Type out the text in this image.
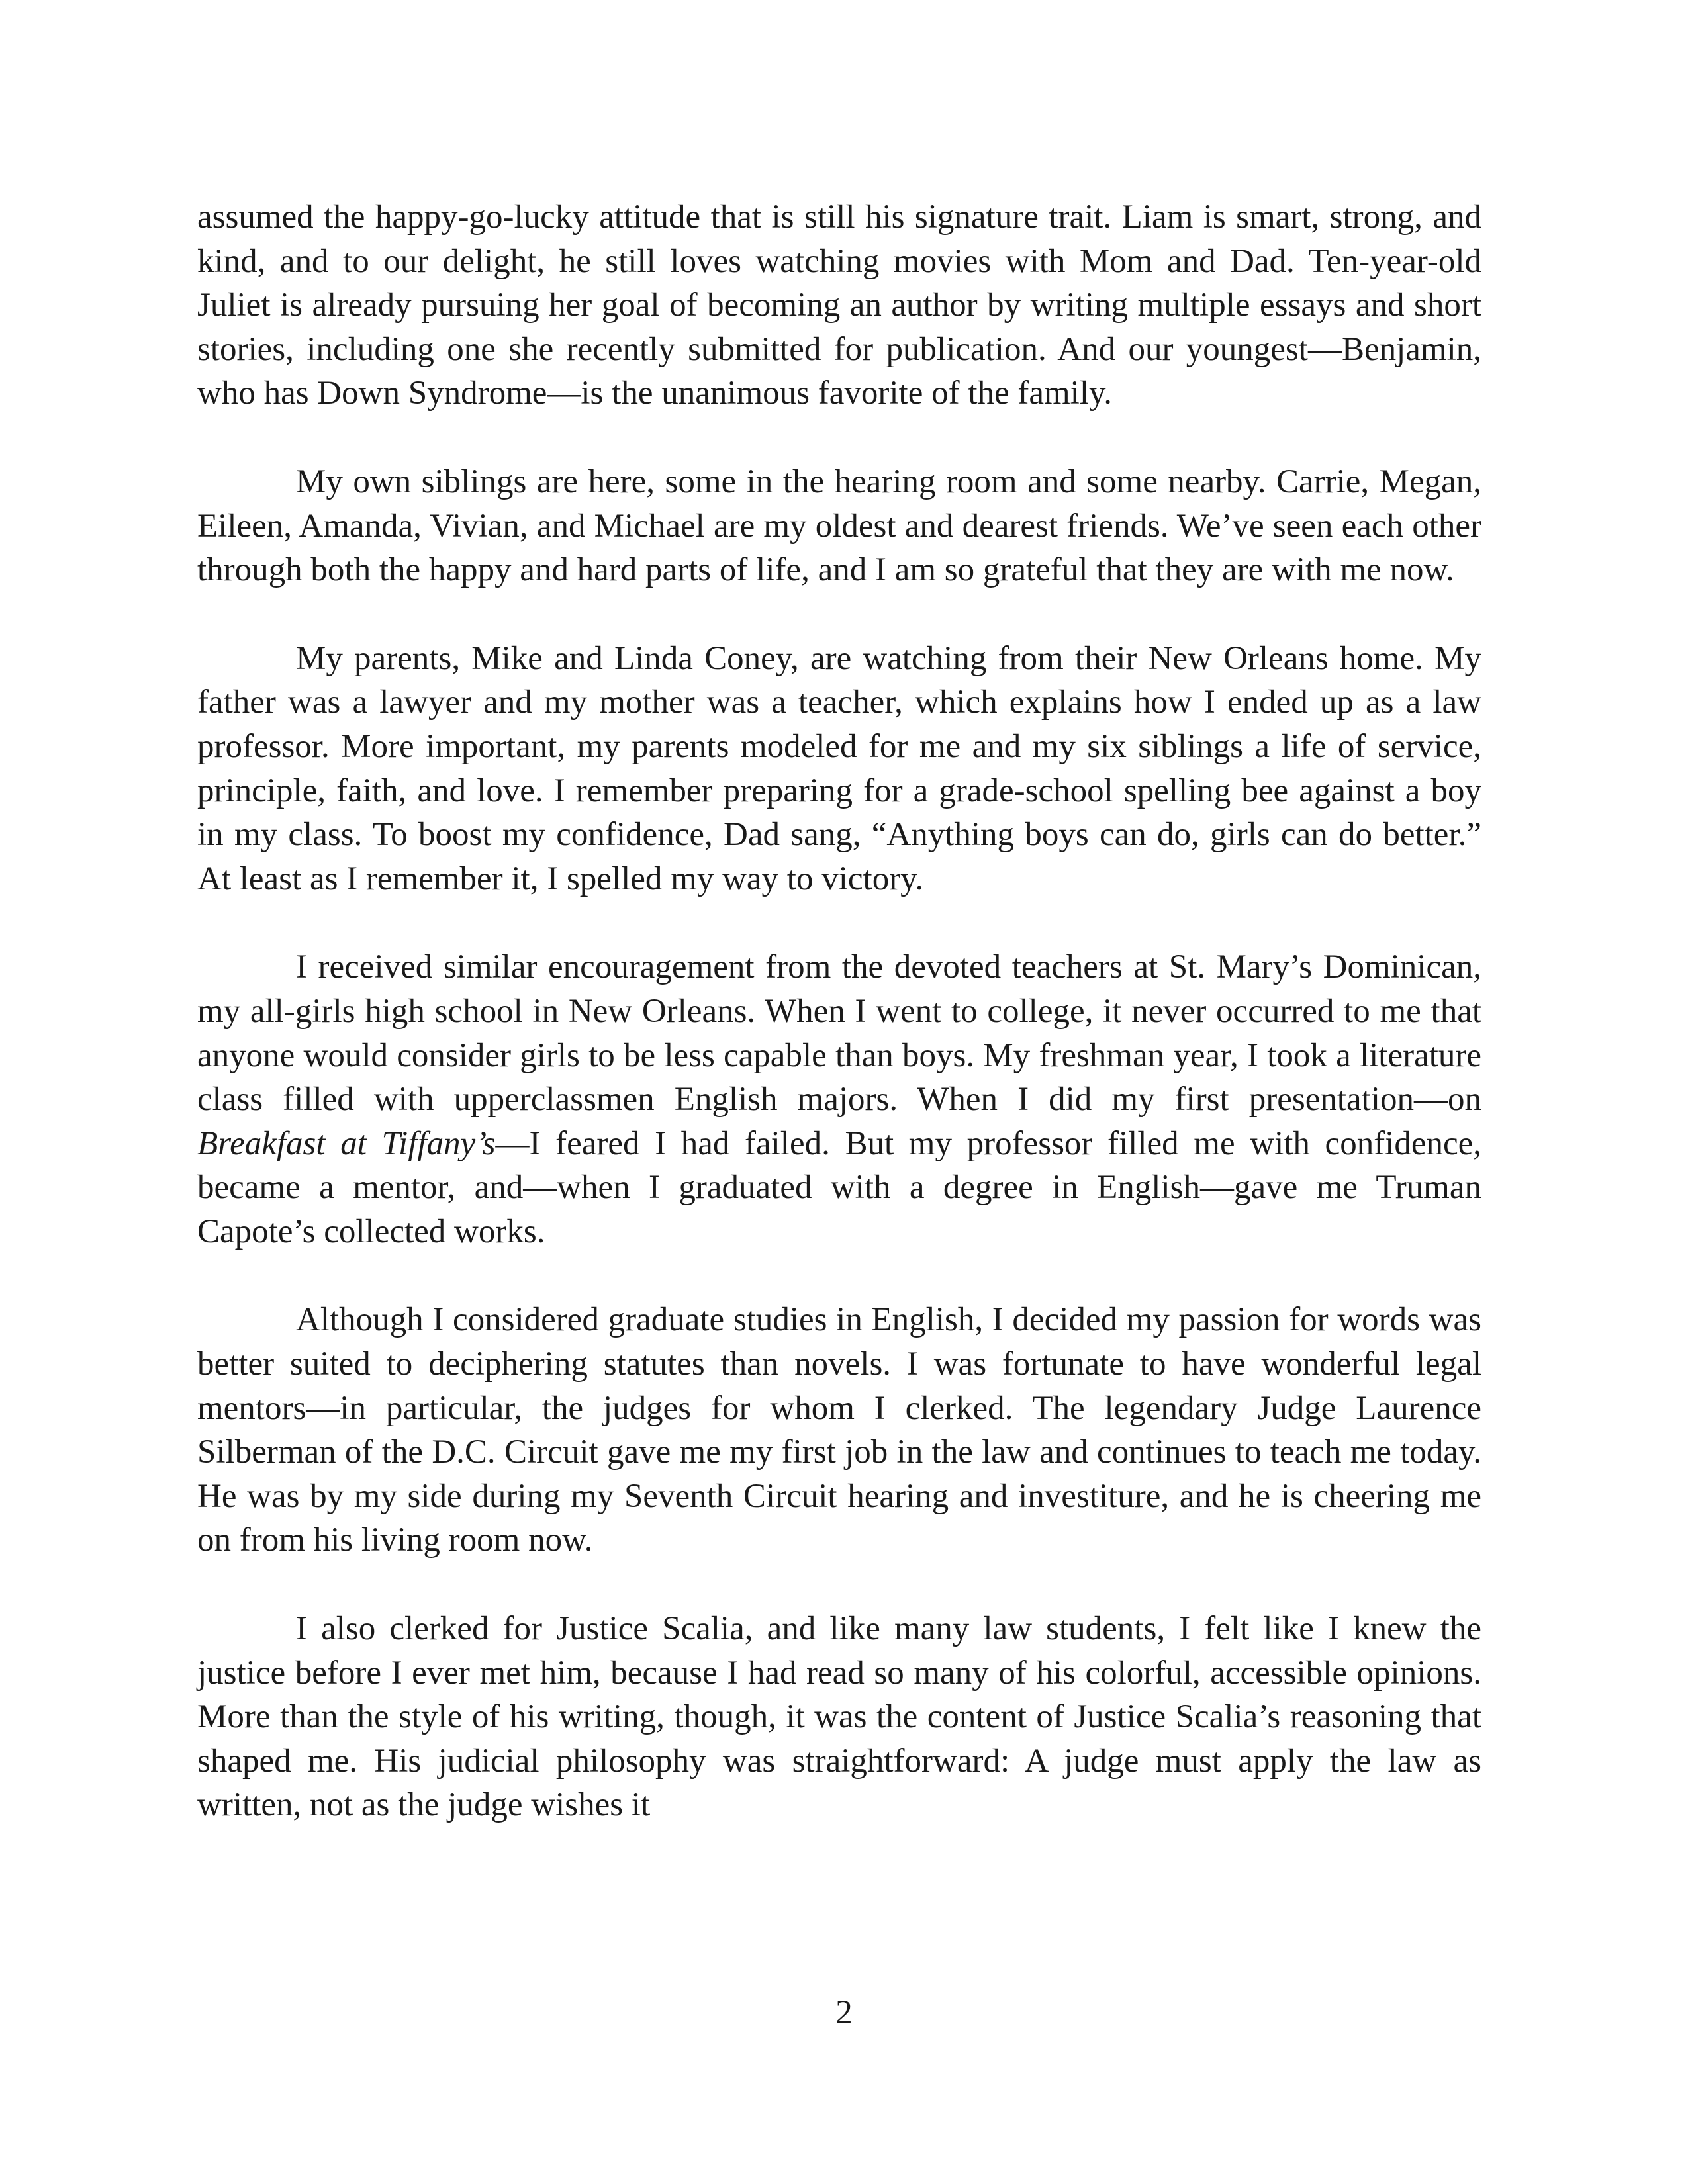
assumed the happy-go-lucky attitude that is still his signature trait. Liam is smart, strong, and kind, and to our delight, he still loves watching movies with Mom and Dad. Ten-year-old Juliet is already pursuing her goal of becoming an author by writing multiple essays and short stories, including one she recently submitted for publication. And our youngest—Benjamin, who has Down Syndrome—is the unanimous favorite of the family.

My own siblings are here, some in the hearing room and some nearby. Carrie, Megan, Eileen, Amanda, Vivian, and Michael are my oldest and dearest friends. We’ve seen each other through both the happy and hard parts of life, and I am so grateful that they are with me now.

My parents, Mike and Linda Coney, are watching from their New Orleans home. My father was a lawyer and my mother was a teacher, which explains how I ended up as a law professor. More important, my parents modeled for me and my six siblings a life of service, principle, faith, and love. I remember preparing for a grade-school spelling bee against a boy in my class. To boost my confidence, Dad sang, “Anything boys can do, girls can do better.” At least as I remember it, I spelled my way to victory.

I received similar encouragement from the devoted teachers at St. Mary’s Dominican, my all-girls high school in New Orleans. When I went to college, it never occurred to me that anyone would consider girls to be less capable than boys. My freshman year, I took a literature class filled with upperclassmen English majors. When I did my first presentation—on Breakfast at Tiffany’s—I feared I had failed. But my professor filled me with confidence, became a mentor, and—when I graduated with a degree in English—gave me Truman Capote’s collected works.

Although I considered graduate studies in English, I decided my passion for words was better suited to deciphering statutes than novels. I was fortunate to have wonderful legal mentors—in particular, the judges for whom I clerked. The legendary Judge Laurence Silberman of the D.C. Circuit gave me my first job in the law and continues to teach me today. He was by my side during my Seventh Circuit hearing and investiture, and he is cheering me on from his living room now.

I also clerked for Justice Scalia, and like many law students, I felt like I knew the justice before I ever met him, because I had read so many of his colorful, accessible opinions. More than the style of his writing, though, it was the content of Justice Scalia’s reasoning that shaped me. His judicial philosophy was straightforward: A judge must apply the law as written, not as the judge wishes it

2
